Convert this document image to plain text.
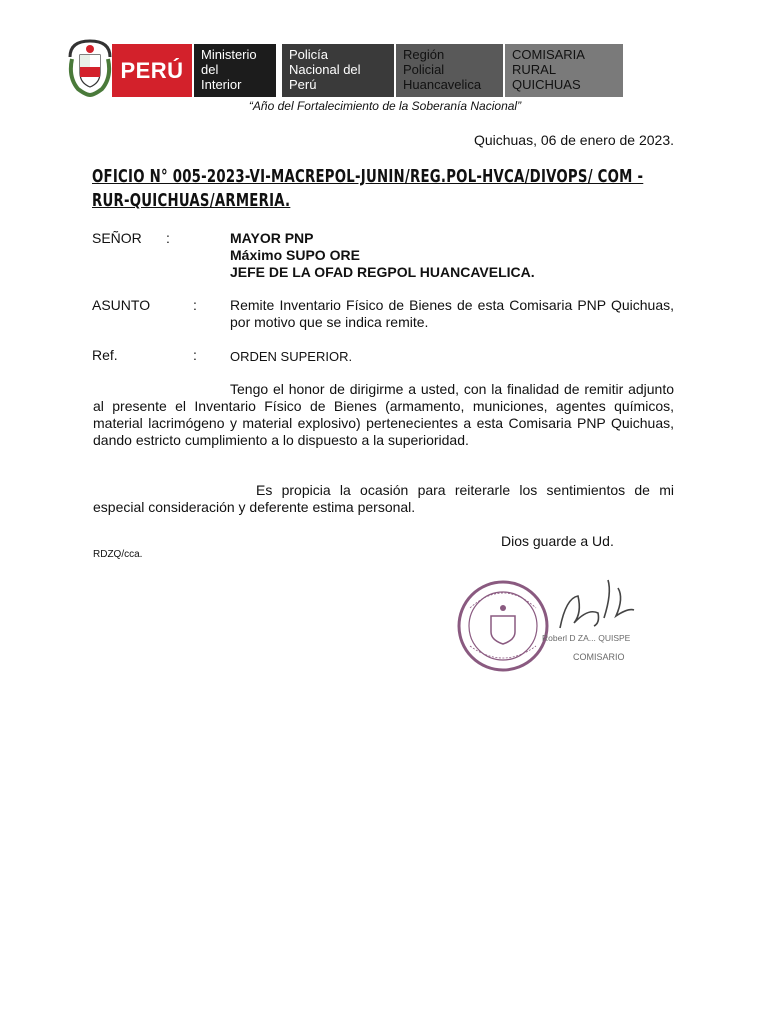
PERÚ
Ministerio
del
Interior
Policía
Nacional del
Perú
Región
Policial
Huancavelica
COMISARIA
RURAL
QUICHUAS
“Año del Fortalecimiento de la Soberanía Nacional”
Quichuas, 06 de enero de 2023.
OFICIO N° 005-2023-VI-MACREPOL-JUNIN/REG.POL-HVCA/DIVOPS/ COM -
RUR-QUICHUAS/ARMERIA.
SEÑOR :	MAYOR PNP
Máximo SUPO ORE
JEFE DE LA OFAD REGPOL HUANCAVELICA.
ASUNTO	: Remite Inventario Físico de Bienes de esta Comisaria PNP Quichuas, por motivo que se indica remite.
Ref.	:	ORDEN SUPERIOR.
Tengo el honor de dirigirme a usted, con la finalidad de remitir adjunto al presente el Inventario Físico de Bienes (armamento, municiones, agentes químicos, material lacrimógeno y material explosivo) pertenecientes a esta Comisaria PNP Quichuas, dando estricto cumplimiento a lo dispuesto a la superioridad.
Es propicia la ocasión para reiterarle los sentimientos de mi especial consideración y deferente estima personal.
Dios guarde a Ud.
RDZQ/cca.
Roberl D ZA... QUISPE
COMISARIO
